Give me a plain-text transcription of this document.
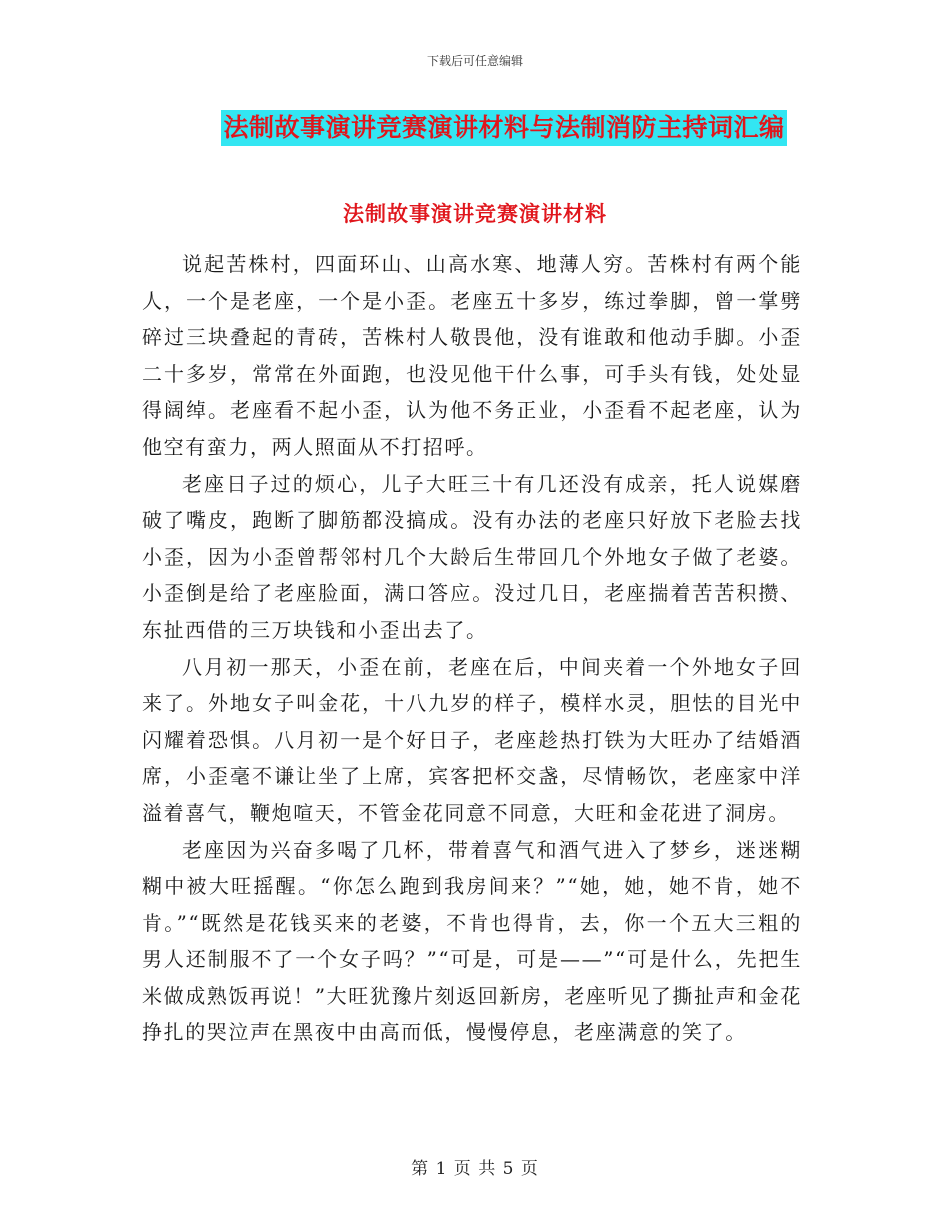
下载后可任意编辑
法制故事演讲竞赛演讲材料与法制消防主持词汇编
法制故事演讲竞赛演讲材料

说起苦株村，四面环山、山高水寒、地薄人穷。苦株村有两个能人，一个是老座，一个是小歪。老座五十多岁，练过拳脚，曾一掌劈碎过三块叠起的青砖，苦株村人敬畏他，没有谁敢和他动手脚。小歪二十多岁，常常在外面跑，也没见他干什么事，可手头有钱，处处显得阔绰。老座看不起小歪，认为他不务正业，小歪看不起老座，认为他空有蛮力，两人照面从不打招呼。

老座日子过的烦心，儿子大旺三十有几还没有成亲，托人说媒磨破了嘴皮，跑断了脚筋都没搞成。没有办法的老座只好放下老脸去找小歪，因为小歪曾帮邻村几个大龄后生带回几个外地女子做了老婆。小歪倒是给了老座脸面，满口答应。没过几日，老座揣着苦苦积攒、东扯西借的三万块钱和小歪出去了。

八月初一那天，小歪在前，老座在后，中间夹着一个外地女子回来了。外地女子叫金花，十八九岁的样子，模样水灵，胆怯的目光中闪耀着恐惧。八月初一是个好日子，老座趁热打铁为大旺办了结婚酒席，小歪毫不谦让坐了上席，宾客把杯交盏，尽情畅饮，老座家中洋溢着喜气，鞭炮喧天，不管金花同意不同意，大旺和金花进了洞房。

老座因为兴奋多喝了几杯，带着喜气和酒气进入了梦乡，迷迷糊糊中被大旺摇醒。“你怎么跑到我房间来？”“她，她，她不肯，她不肯。”“既然是花钱买来的老婆，不肯也得肯，去，你一个五大三粗的男人还制服不了一个女子吗？”“可是，可是——”“可是什么，先把生米做成熟饭再说！”大旺犹豫片刻返回新房，老座听见了撕扯声和金花挣扎的哭泣声在黑夜中由高而低，慢慢停息，老座满意的笑了。

第 1 页 共 5 页
